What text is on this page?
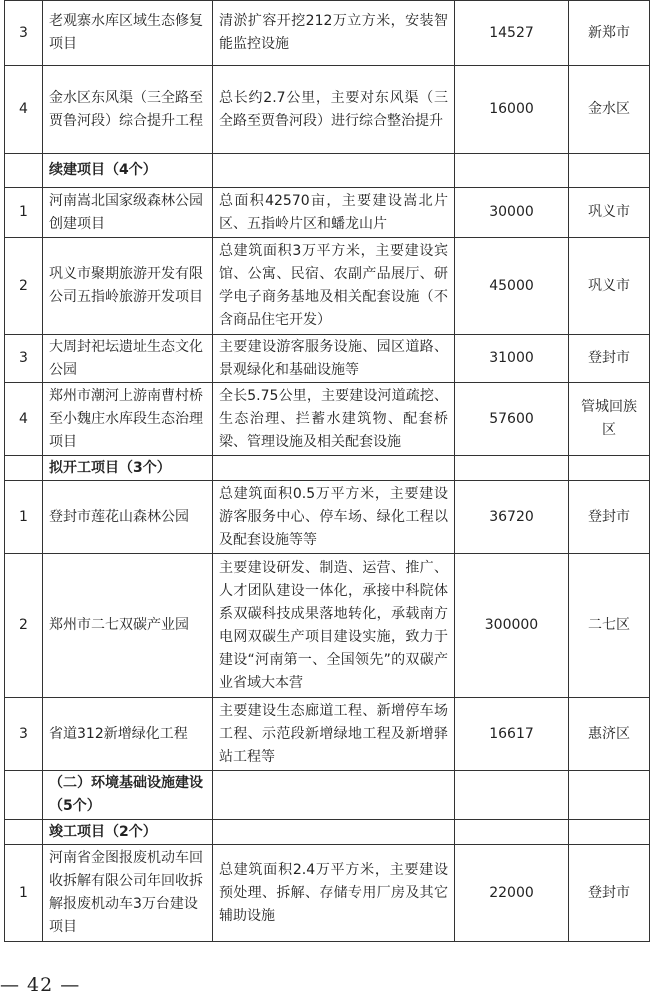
3	老观寨水库区域生态修复项目	清淤扩容开挖212万立方米，安装智能监控设施	14527	新郑市
4	金水区东风渠（三全路至贾鲁河段）综合提升工程	总长约2.7公里，主要对东风渠（三全路至贾鲁河段）进行综合整治提升	16000	金水区
	续建项目（4个）			
1	河南嵩北国家级森林公园创建项目	总面积42570亩，主要建设嵩北片区、五指岭片区和蟠龙山片	30000	巩义市
2	巩义市聚期旅游开发有限公司五指岭旅游开发项目	总建筑面积3万平方米，主要建设宾馆、公寓、民宿、农副产品展厅、研学电子商务基地及相关配套设施（不含商品住宅开发）	45000	巩义市
3	大周封祀坛遗址生态文化公园	主要建设游客服务设施、园区道路、景观绿化和基础设施等	31000	登封市
4	郑州市潮河上游南曹村桥至小魏庄水库段生态治理项目	全长5.75公里，主要建设河道疏挖、生态治理、拦蓄水建筑物、配套桥梁、管理设施及相关配套设施	57600	管城回族区
	拟开工项目（3个）			
1	登封市莲花山森林公园	总建筑面积0.5万平方米，主要建设游客服务中心、停车场、绿化工程以及配套设施等等	36720	登封市
2	郑州市二七双碳产业园	主要建设研发、制造、运营、推广、人才团队建设一体化，承接中科院体系双碳科技成果落地转化，承载南方电网双碳生产项目建设实施，致力于建设“河南第一、全国领先”的双碳产业省域大本营	300000	二七区
3	省道312新增绿化工程	主要建设生态廊道工程、新增停车场工程、示范段新增绿地工程及新增驿站工程等	16617	惠济区
	（二）环境基础设施建设（5个）			
	竣工项目（2个）			
1	河南省金图报废机动车回收拆解有限公司年回收拆解报废机动车3万台建设项目	总建筑面积2.4万平方米，主要建设预处理、拆解、存储专用厂房及其它辅助设施	22000	登封市
— 42 —
